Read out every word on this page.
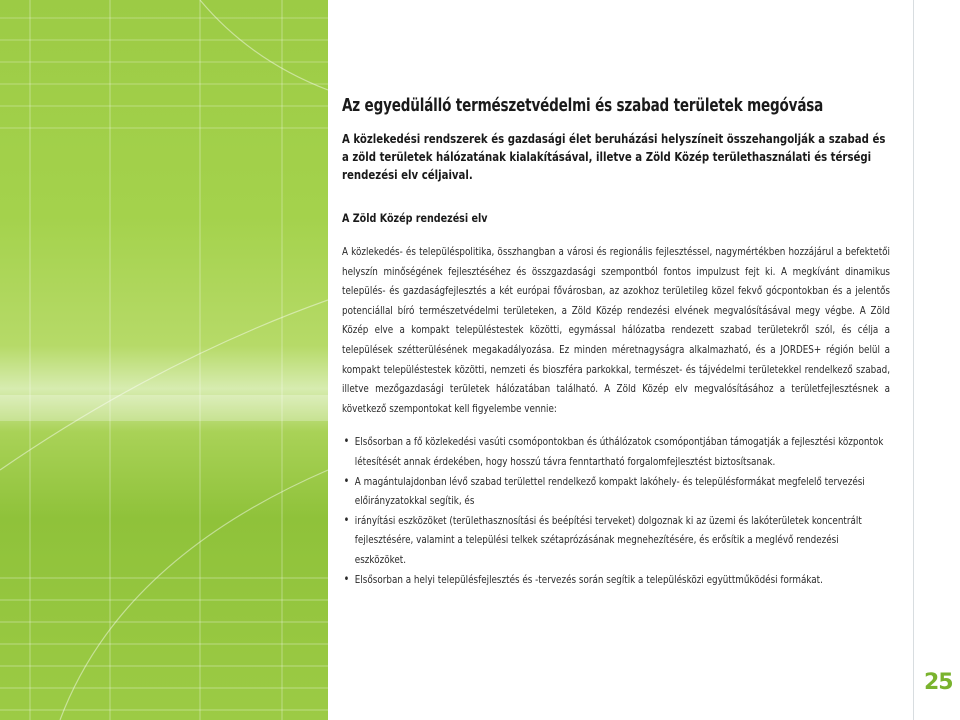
Az egyedülálló természetvédelmi és szabad területek megóvása

A közlekedési rendszerek és gazdasági élet beruházási helyszíneit összehangolják a szabad és a zöld területek hálózatának kialakításával, illetve a Zöld Közép területhasználati és térségi rendezési elv céljaival.

A Zöld Közép rendezési elv

A közlekedés- és településpolitika, összhangban a városi és regionális fejlesztéssel, nagymértékben hozzájárul a befektetői helyszín minőségének fejlesztéséhez és összgazdasági szempontból fontos impulzust fejt ki. A megkívánt dinamikus település- és gazdaságfejlesztés a két európai fővárosban, az azokhoz területileg közel fekvő gócpontokban és a jelentős potenciállal bíró természetvédelmi területeken, a Zöld Közép rendezési elvének megvalósításával megy végbe. A Zöld Közép elve a kompakt településtestek közötti, egymással hálózatba rendezett szabad területekről szól, és célja a települések szétterülésének megakadályozása. Ez minden méretnagyságra alkalmazható, és a JORDES+ régión belül a kompakt településtestek közötti, nemzeti és bioszféra parkokkal, természet- és tájvédelmi területekkel rendelkező szabad, illetve mezőgazdasági területek hálózatában található. A Zöld Közép elv megvalósításához a területfejlesztésnek a következő szempontokat kell figyelembe vennie:

• Elsősorban a fő közlekedési vasúti csomópontokban és úthálózatok csomópontjában támogatják a fejlesztési központok létesítését annak érdekében, hogy hosszú távra fenntartható forgalomfejlesztést biztosítsanak.
• A magántulajdonban lévő szabad területtel rendelkező kompakt lakóhely- és településformákat megfelelő tervezési előirányzatokkal segítik, és
• irányítási eszközöket (területhasznosítási és beépítési terveket) dolgoznak ki az üzemi és lakóterületek koncentrált fejlesztésére, valamint a települési telkek szétaprózásának megnehezítésére, és erősítik a meglévő rendezési eszközöket.
• Elsősorban a helyi településfejlesztés és -tervezés során segítik a településközi együttműködési formákat.
25
